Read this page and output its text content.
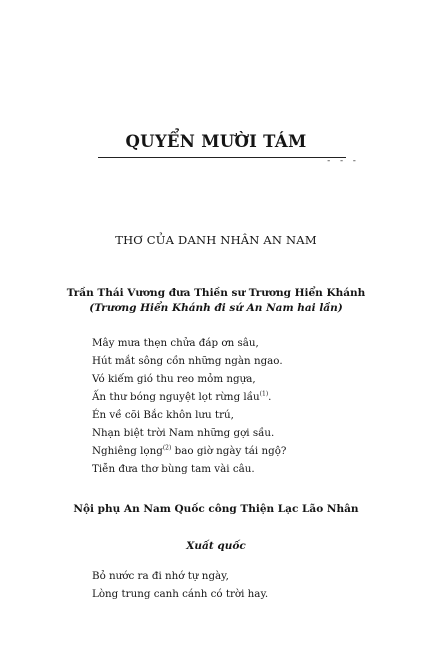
QUYỂN MƯỜI TÁM
- - -
THƠ CỦA DANH NHÂN AN NAM
Trần Thái Vương đưa Thiền sư Trương Hiển Khánh
(Trương Hiển Khánh đi sứ An Nam hai lần)
Mây mưa thẹn chửa đáp ơn sâu,
Hút mắt sông cồn những ngàn ngao.
Vó kiếm gió thu reo mỏm ngựa,
Ấn thư bóng nguyệt lọt rừng lầu$^{(1)}$.
Én về cõi Bắc khôn lưu trú,
Nhạn biệt trời Nam những gợi sầu.
Nghiêng lọng$^{(2)}$ bao giờ ngày tái ngộ?
Tiễn đưa thơ bùng tam vài câu.
Nội phụ An Nam Quốc công Thiện Lạc Lão Nhân
Xuất quốc
Bỏ nước ra đi nhớ tự ngày,
Lòng trung canh cánh có trời hay.
